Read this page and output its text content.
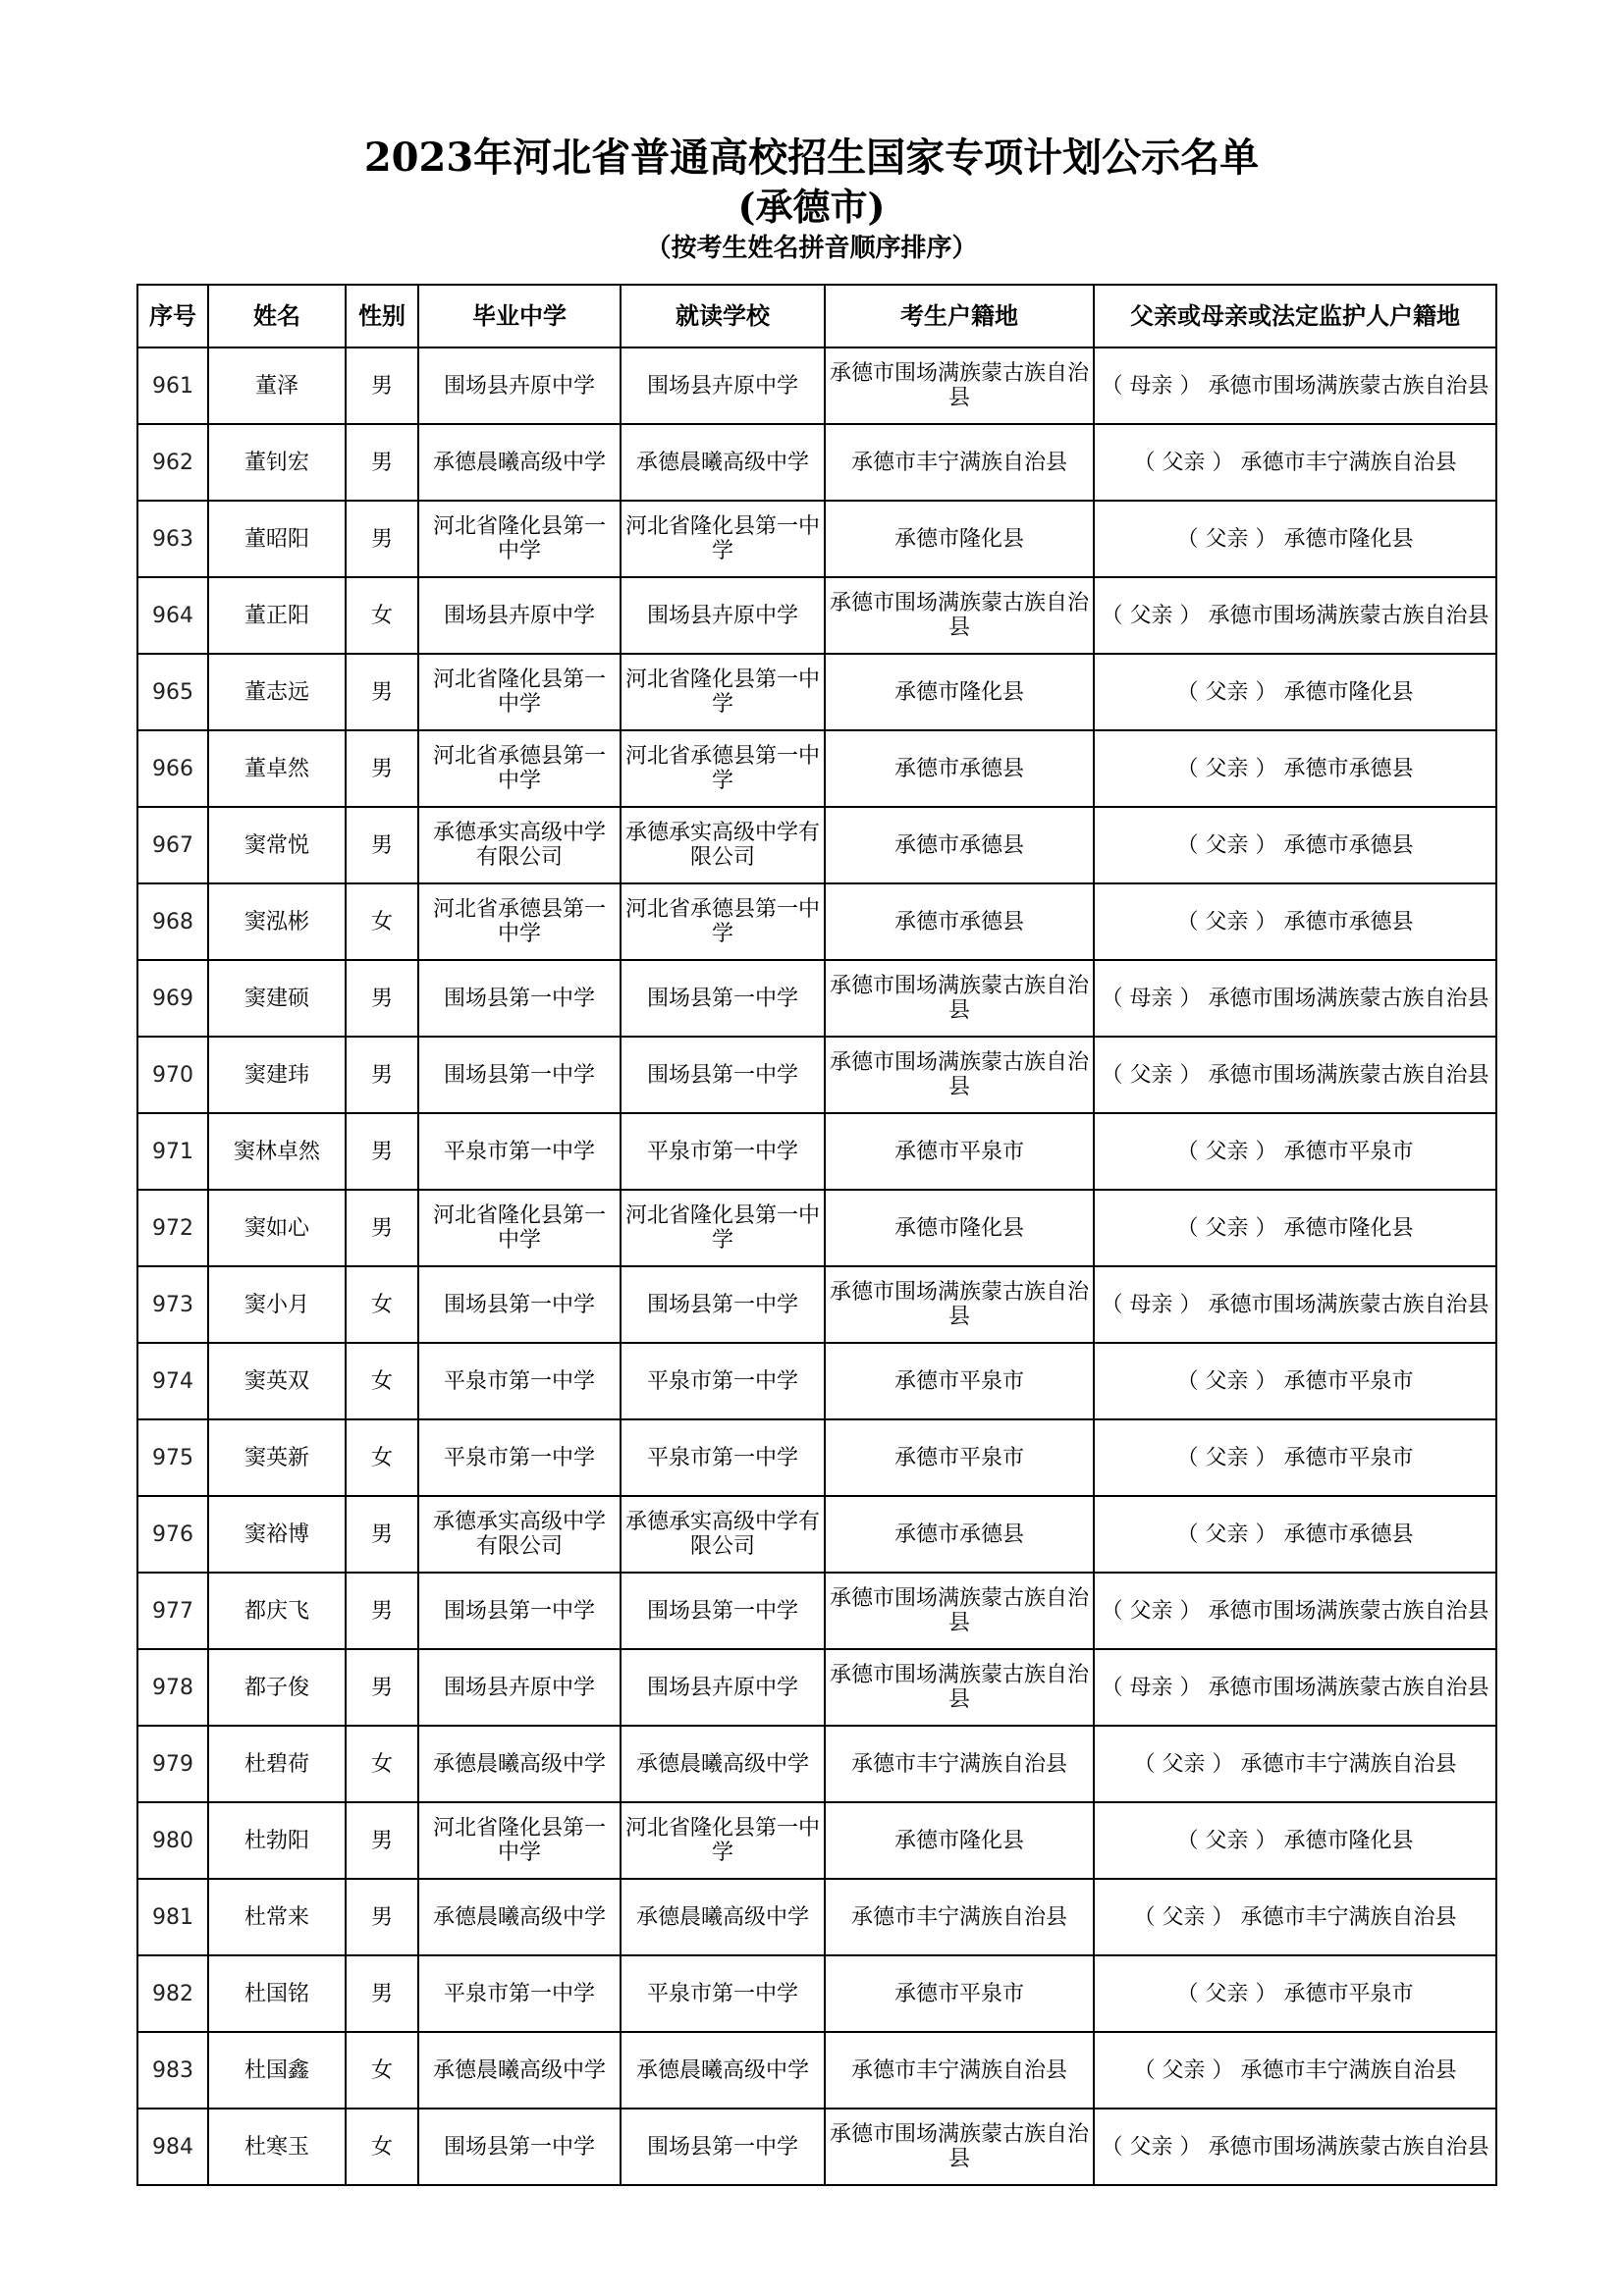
2023年河北省普通高校招生国家专项计划公示名单
(承德市)
（按考生姓名拼音顺序排序）
序号	姓名	性别	毕业中学	就读学校	考生户籍地	父亲或母亲或法定监护人户籍地
961	董泽	男	围场县卉原中学	围场县卉原中学	承德市围场满族蒙古族自治县	（ 母亲 ） 承德市围场满族蒙古族自治县
962	董钊宏	男	承德晨曦高级中学	承德晨曦高级中学	承德市丰宁满族自治县	（ 父亲 ） 承德市丰宁满族自治县
963	董昭阳	男	河北省隆化县第一中学	河北省隆化县第一中学	承德市隆化县	（ 父亲 ） 承德市隆化县
964	董正阳	女	围场县卉原中学	围场县卉原中学	承德市围场满族蒙古族自治县	（ 父亲 ） 承德市围场满族蒙古族自治县
965	董志远	男	河北省隆化县第一中学	河北省隆化县第一中学	承德市隆化县	（ 父亲 ） 承德市隆化县
966	董卓然	男	河北省承德县第一中学	河北省承德县第一中学	承德市承德县	（ 父亲 ） 承德市承德县
967	窦常悦	男	承德承实高级中学有限公司	承德承实高级中学有限公司	承德市承德县	（ 父亲 ） 承德市承德县
968	窦泓彬	女	河北省承德县第一中学	河北省承德县第一中学	承德市承德县	（ 父亲 ） 承德市承德县
969	窦建硕	男	围场县第一中学	围场县第一中学	承德市围场满族蒙古族自治县	（ 母亲 ） 承德市围场满族蒙古族自治县
970	窦建玮	男	围场县第一中学	围场县第一中学	承德市围场满族蒙古族自治县	（ 父亲 ） 承德市围场满族蒙古族自治县
971	窦林卓然	男	平泉市第一中学	平泉市第一中学	承德市平泉市	（ 父亲 ） 承德市平泉市
972	窦如心	男	河北省隆化县第一中学	河北省隆化县第一中学	承德市隆化县	（ 父亲 ） 承德市隆化县
973	窦小月	女	围场县第一中学	围场县第一中学	承德市围场满族蒙古族自治县	（ 母亲 ） 承德市围场满族蒙古族自治县
974	窦英双	女	平泉市第一中学	平泉市第一中学	承德市平泉市	（ 父亲 ） 承德市平泉市
975	窦英新	女	平泉市第一中学	平泉市第一中学	承德市平泉市	（ 父亲 ） 承德市平泉市
976	窦裕博	男	承德承实高级中学有限公司	承德承实高级中学有限公司	承德市承德县	（ 父亲 ） 承德市承德县
977	都庆飞	男	围场县第一中学	围场县第一中学	承德市围场满族蒙古族自治县	（ 父亲 ） 承德市围场满族蒙古族自治县
978	都子俊	男	围场县卉原中学	围场县卉原中学	承德市围场满族蒙古族自治县	（ 母亲 ） 承德市围场满族蒙古族自治县
979	杜碧荷	女	承德晨曦高级中学	承德晨曦高级中学	承德市丰宁满族自治县	（ 父亲 ） 承德市丰宁满族自治县
980	杜勃阳	男	河北省隆化县第一中学	河北省隆化县第一中学	承德市隆化县	（ 父亲 ） 承德市隆化县
981	杜常来	男	承德晨曦高级中学	承德晨曦高级中学	承德市丰宁满族自治县	（ 父亲 ） 承德市丰宁满族自治县
982	杜国铭	男	平泉市第一中学	平泉市第一中学	承德市平泉市	（ 父亲 ） 承德市平泉市
983	杜国鑫	女	承德晨曦高级中学	承德晨曦高级中学	承德市丰宁满族自治县	（ 父亲 ） 承德市丰宁满族自治县
984	杜寒玉	女	围场县第一中学	围场县第一中学	承德市围场满族蒙古族自治县	（ 父亲 ） 承德市围场满族蒙古族自治县
